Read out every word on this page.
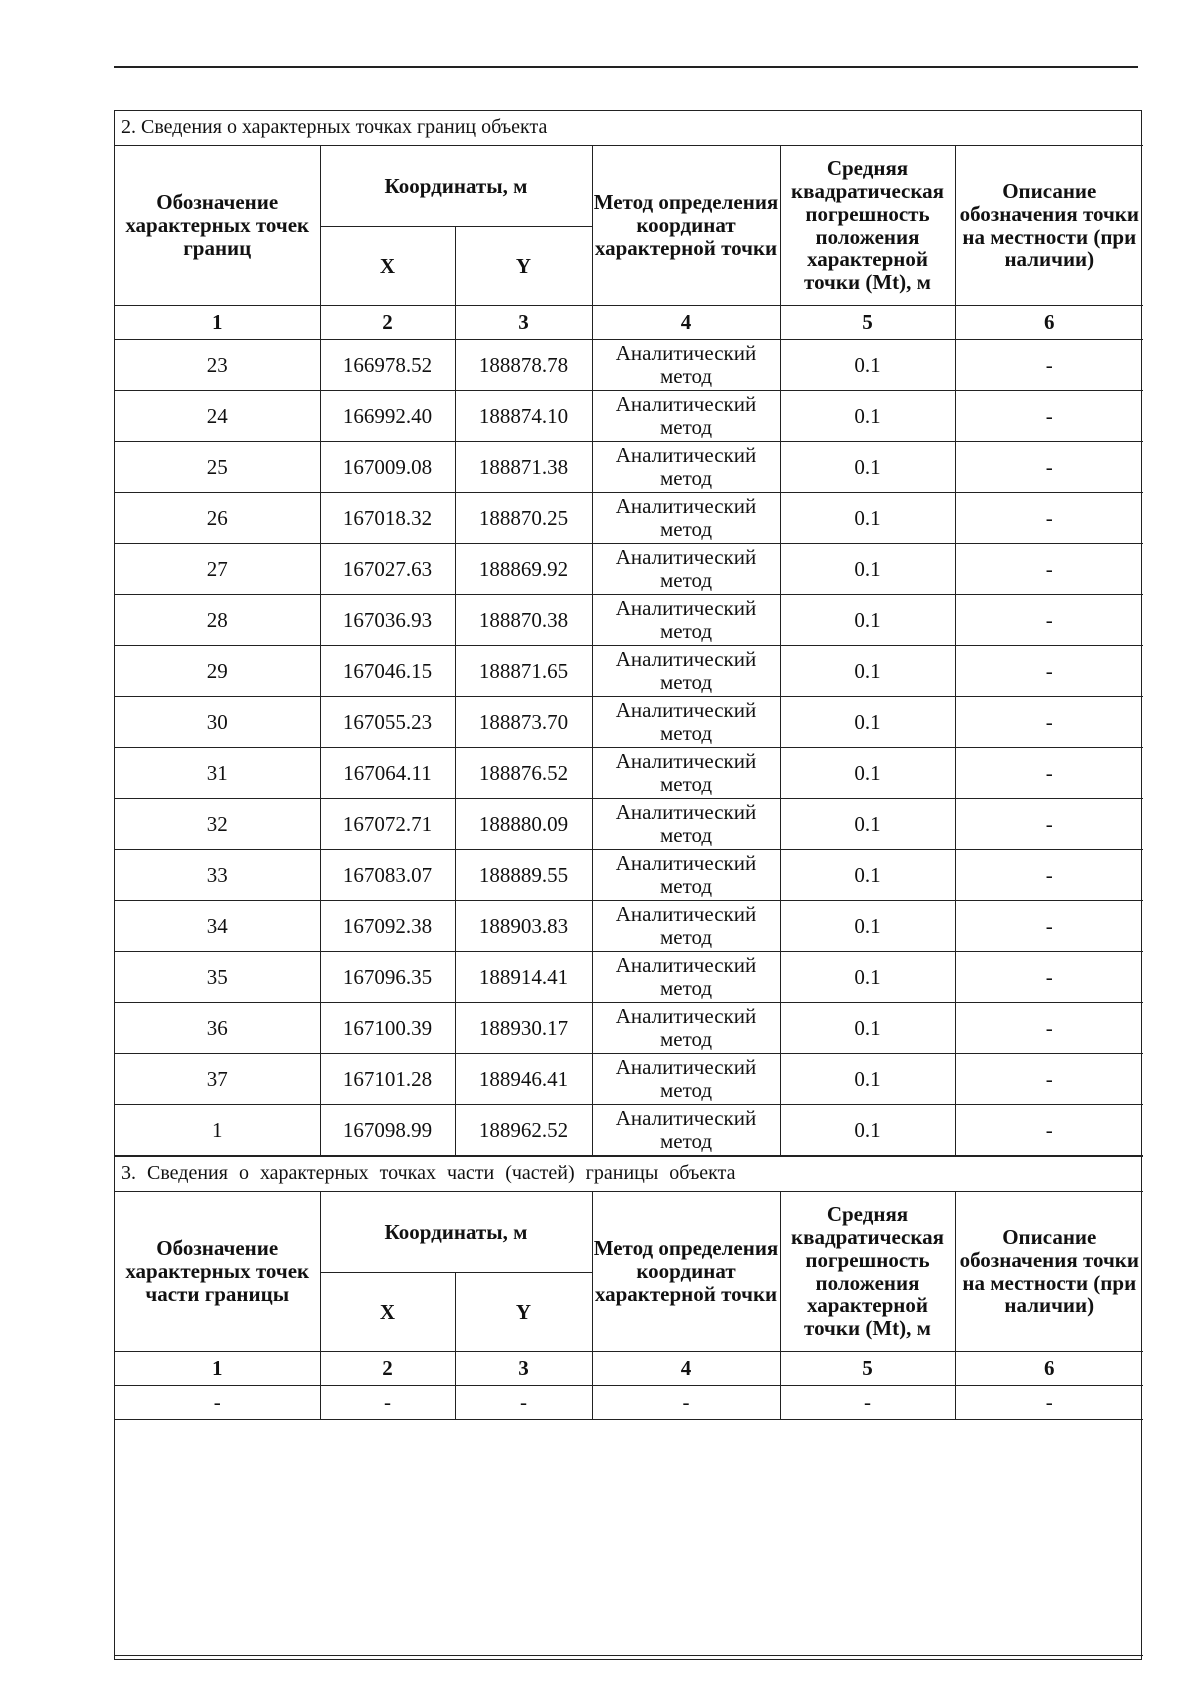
2. Сведения о характерных точках границ объекта					
Обозначение характерных точек границ	Координаты, м		Метод определения координат характерной точки	Средняя квадратическая погрешность положения характерной точки (Mt), м	Описание обозначения точки на местности (при наличии)
	X	Y			
1	2	3	4	5	6
23	166978.52	188878.78	Аналитический метод	0.1	-
24	166992.40	188874.10	Аналитический метод	0.1	-
25	167009.08	188871.38	Аналитический метод	0.1	-
26	167018.32	188870.25	Аналитический метод	0.1	-
27	167027.63	188869.92	Аналитический метод	0.1	-
28	167036.93	188870.38	Аналитический метод	0.1	-
29	167046.15	188871.65	Аналитический метод	0.1	-
30	167055.23	188873.70	Аналитический метод	0.1	-
31	167064.11	188876.52	Аналитический метод	0.1	-
32	167072.71	188880.09	Аналитический метод	0.1	-
33	167083.07	188889.55	Аналитический метод	0.1	-
34	167092.38	188903.83	Аналитический метод	0.1	-
35	167096.35	188914.41	Аналитический метод	0.1	-
36	167100.39	188930.17	Аналитический метод	0.1	-
37	167101.28	188946.41	Аналитический метод	0.1	-
1	167098.99	188962.52	Аналитический метод	0.1	-
3. Сведения о характерных точках части (частей) границы объекта					
Обозначение характерных точек части границы	Координаты, м		Метод определения координат характерной точки	Средняя квадратическая погрешность положения характерной точки (Mt), м	Описание обозначения точки на местности (при наличии)
	X	Y			
1	2	3	4	5	6
-	-	-	-	-	-
